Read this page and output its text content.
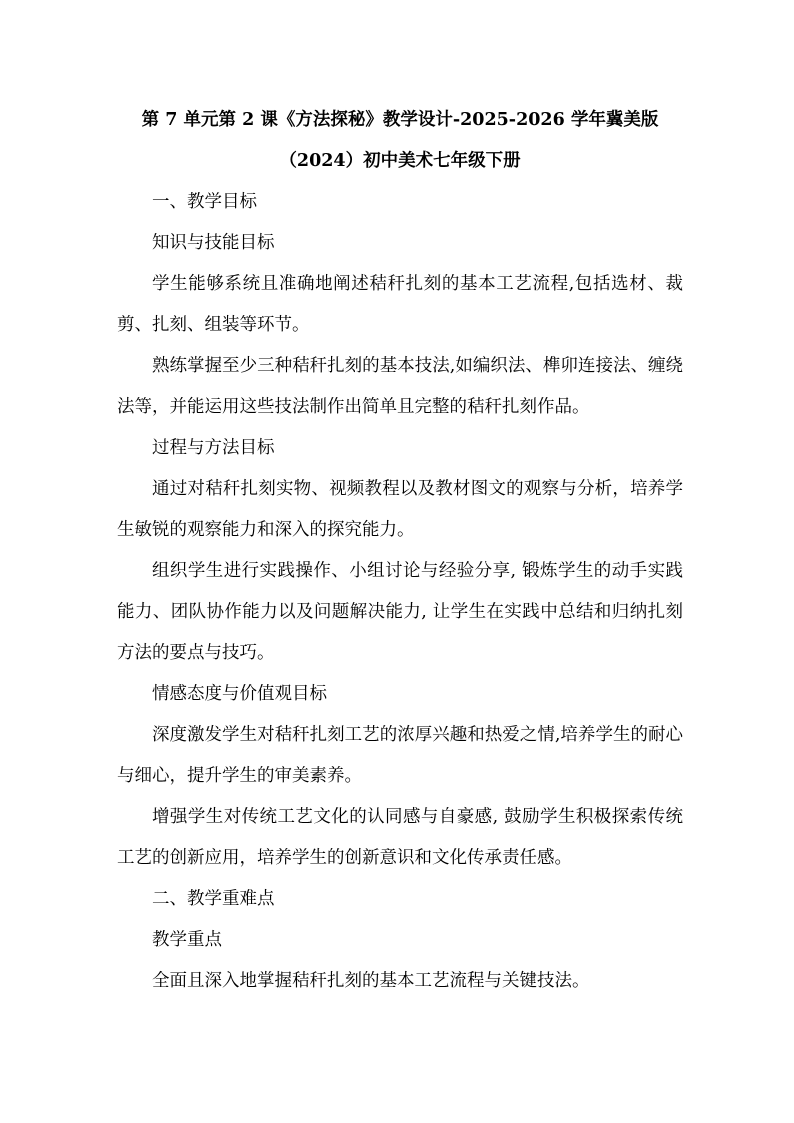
第 7 单元第 2 课《方法探秘》教学设计-2025-2026 学年冀美版
（2024）初中美术七年级下册

一、教学目标

知识与技能目标

学生能够系统且准确地阐述秸秆扎刻的基本工艺流程,包括选材、裁剪、扎刻、组装等环节。

熟练掌握至少三种秸秆扎刻的基本技法,如编织法、榫卯连接法、缠绕法等，并能运用这些技法制作出简单且完整的秸秆扎刻作品。

过程与方法目标

通过对秸秆扎刻实物、视频教程以及教材图文的观察与分析，培养学生敏锐的观察能力和深入的探究能力。

组织学生进行实践操作、小组讨论与经验分享, 锻炼学生的动手实践能力、团队协作能力以及问题解决能力, 让学生在实践中总结和归纳扎刻方法的要点与技巧。

情感态度与价值观目标

深度激发学生对秸秆扎刻工艺的浓厚兴趣和热爱之情,培养学生的耐心与细心，提升学生的审美素养。

增强学生对传统工艺文化的认同感与自豪感, 鼓励学生积极探索传统工艺的创新应用，培养学生的创新意识和文化传承责任感。

二、教学重难点

教学重点

全面且深入地掌握秸秆扎刻的基本工艺流程与关键技法。
